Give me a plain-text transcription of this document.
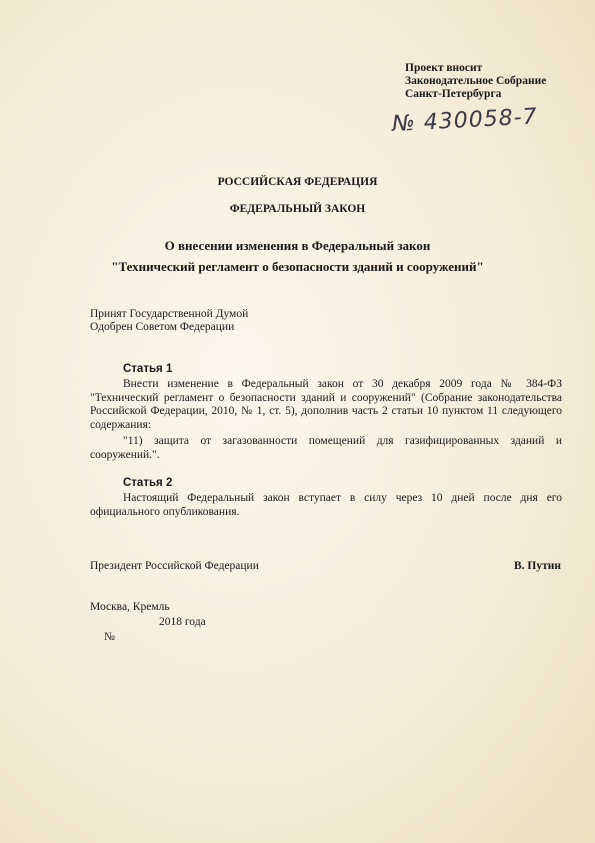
Проект вносит
Законодательное Собрание
Санкт-Петербурга
№ 430058-7
РОССИЙСКАЯ ФЕДЕРАЦИЯ
ФЕДЕРАЛЬНЫЙ ЗАКОН
О внесении изменения в Федеральный закон
"Технический регламент о безопасности зданий и сооружений"
Принят Государственной Думой
Одобрен Советом Федерации
Статья 1
Внести изменение в Федеральный закон от 30 декабря 2009 года № 384-ФЗ "Технический регламент о безопасности зданий и сооружений" (Собрание законодательства Российской Федерации, 2010, № 1, ст. 5), дополнив часть 2 статьи 10 пунктом 11 следующего содержания:
"11) защита от загазованности помещений для газифицированных зданий и сооружений.".
Статья 2
Настоящий Федеральный закон вступает в силу через 10 дней после дня его официального опубликования.
Президент Российской Федерации	В. Путин
Москва, Кремль
2018 года
№
